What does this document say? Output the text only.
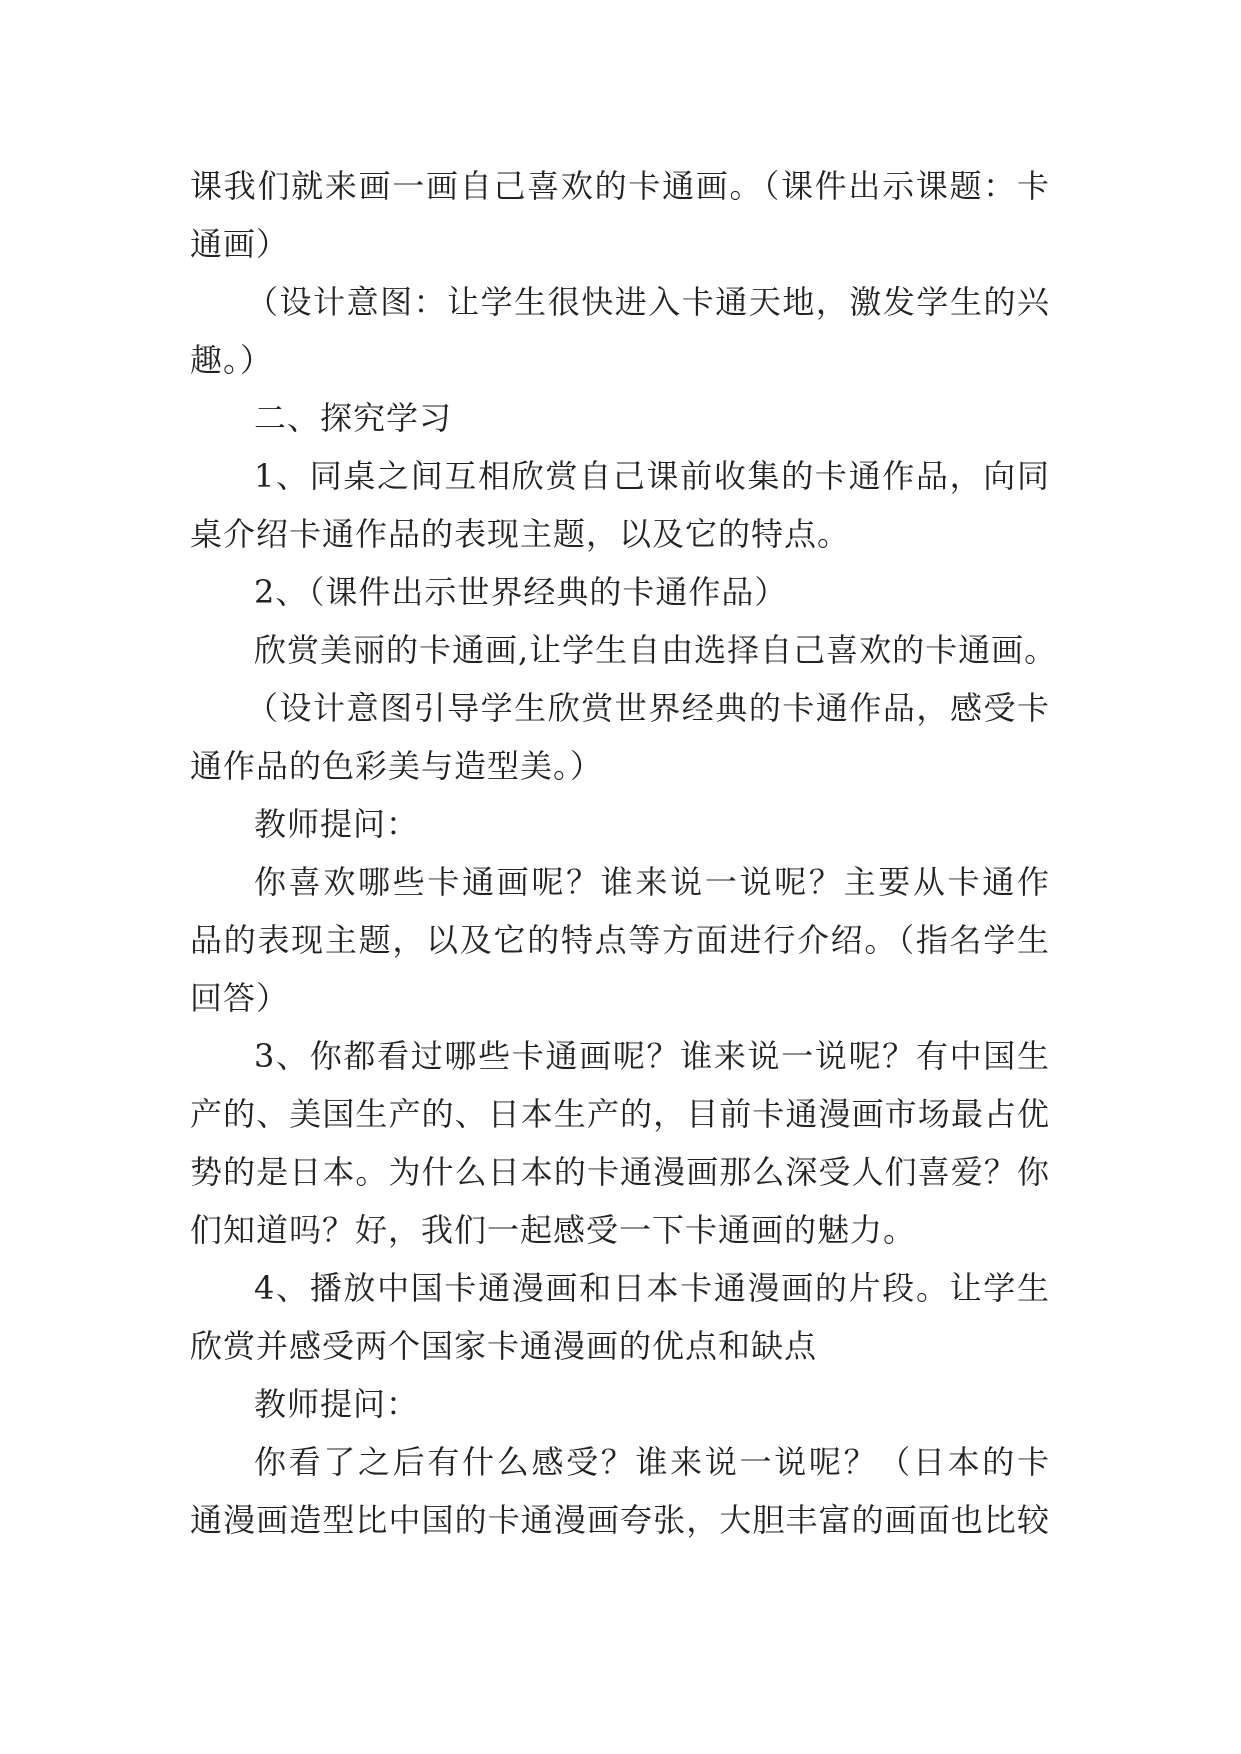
课我们就来画一画自己喜欢的卡通画。（课件出示课题：卡
通画）
（设计意图：让学生很快进入卡通天地，激发学生的兴
趣。）
二、探究学习
1、同桌之间互相欣赏自己课前收集的卡通作品，向同
桌介绍卡通作品的表现主题，以及它的特点。
2、（课件出示世界经典的卡通作品）
欣赏美丽的卡通画,让学生自由选择自己喜欢的卡通画。
（设计意图引导学生欣赏世界经典的卡通作品，感受卡
通作品的色彩美与造型美。）
教师提问：
你喜欢哪些卡通画呢？谁来说一说呢？主要从卡通作
品的表现主题，以及它的特点等方面进行介绍。（指名学生
回答）
3、你都看过哪些卡通画呢？谁来说一说呢？有中国生
产的、美国生产的、日本生产的，目前卡通漫画市场最占优
势的是日本。为什么日本的卡通漫画那么深受人们喜爱？你
们知道吗？好，我们一起感受一下卡通画的魅力。
4、播放中国卡通漫画和日本卡通漫画的片段。让学生
欣赏并感受两个国家卡通漫画的优点和缺点
教师提问：
你看了之后有什么感受？谁来说一说呢？（日本的卡
通漫画造型比中国的卡通漫画夸张，大胆丰富的画面也比较
